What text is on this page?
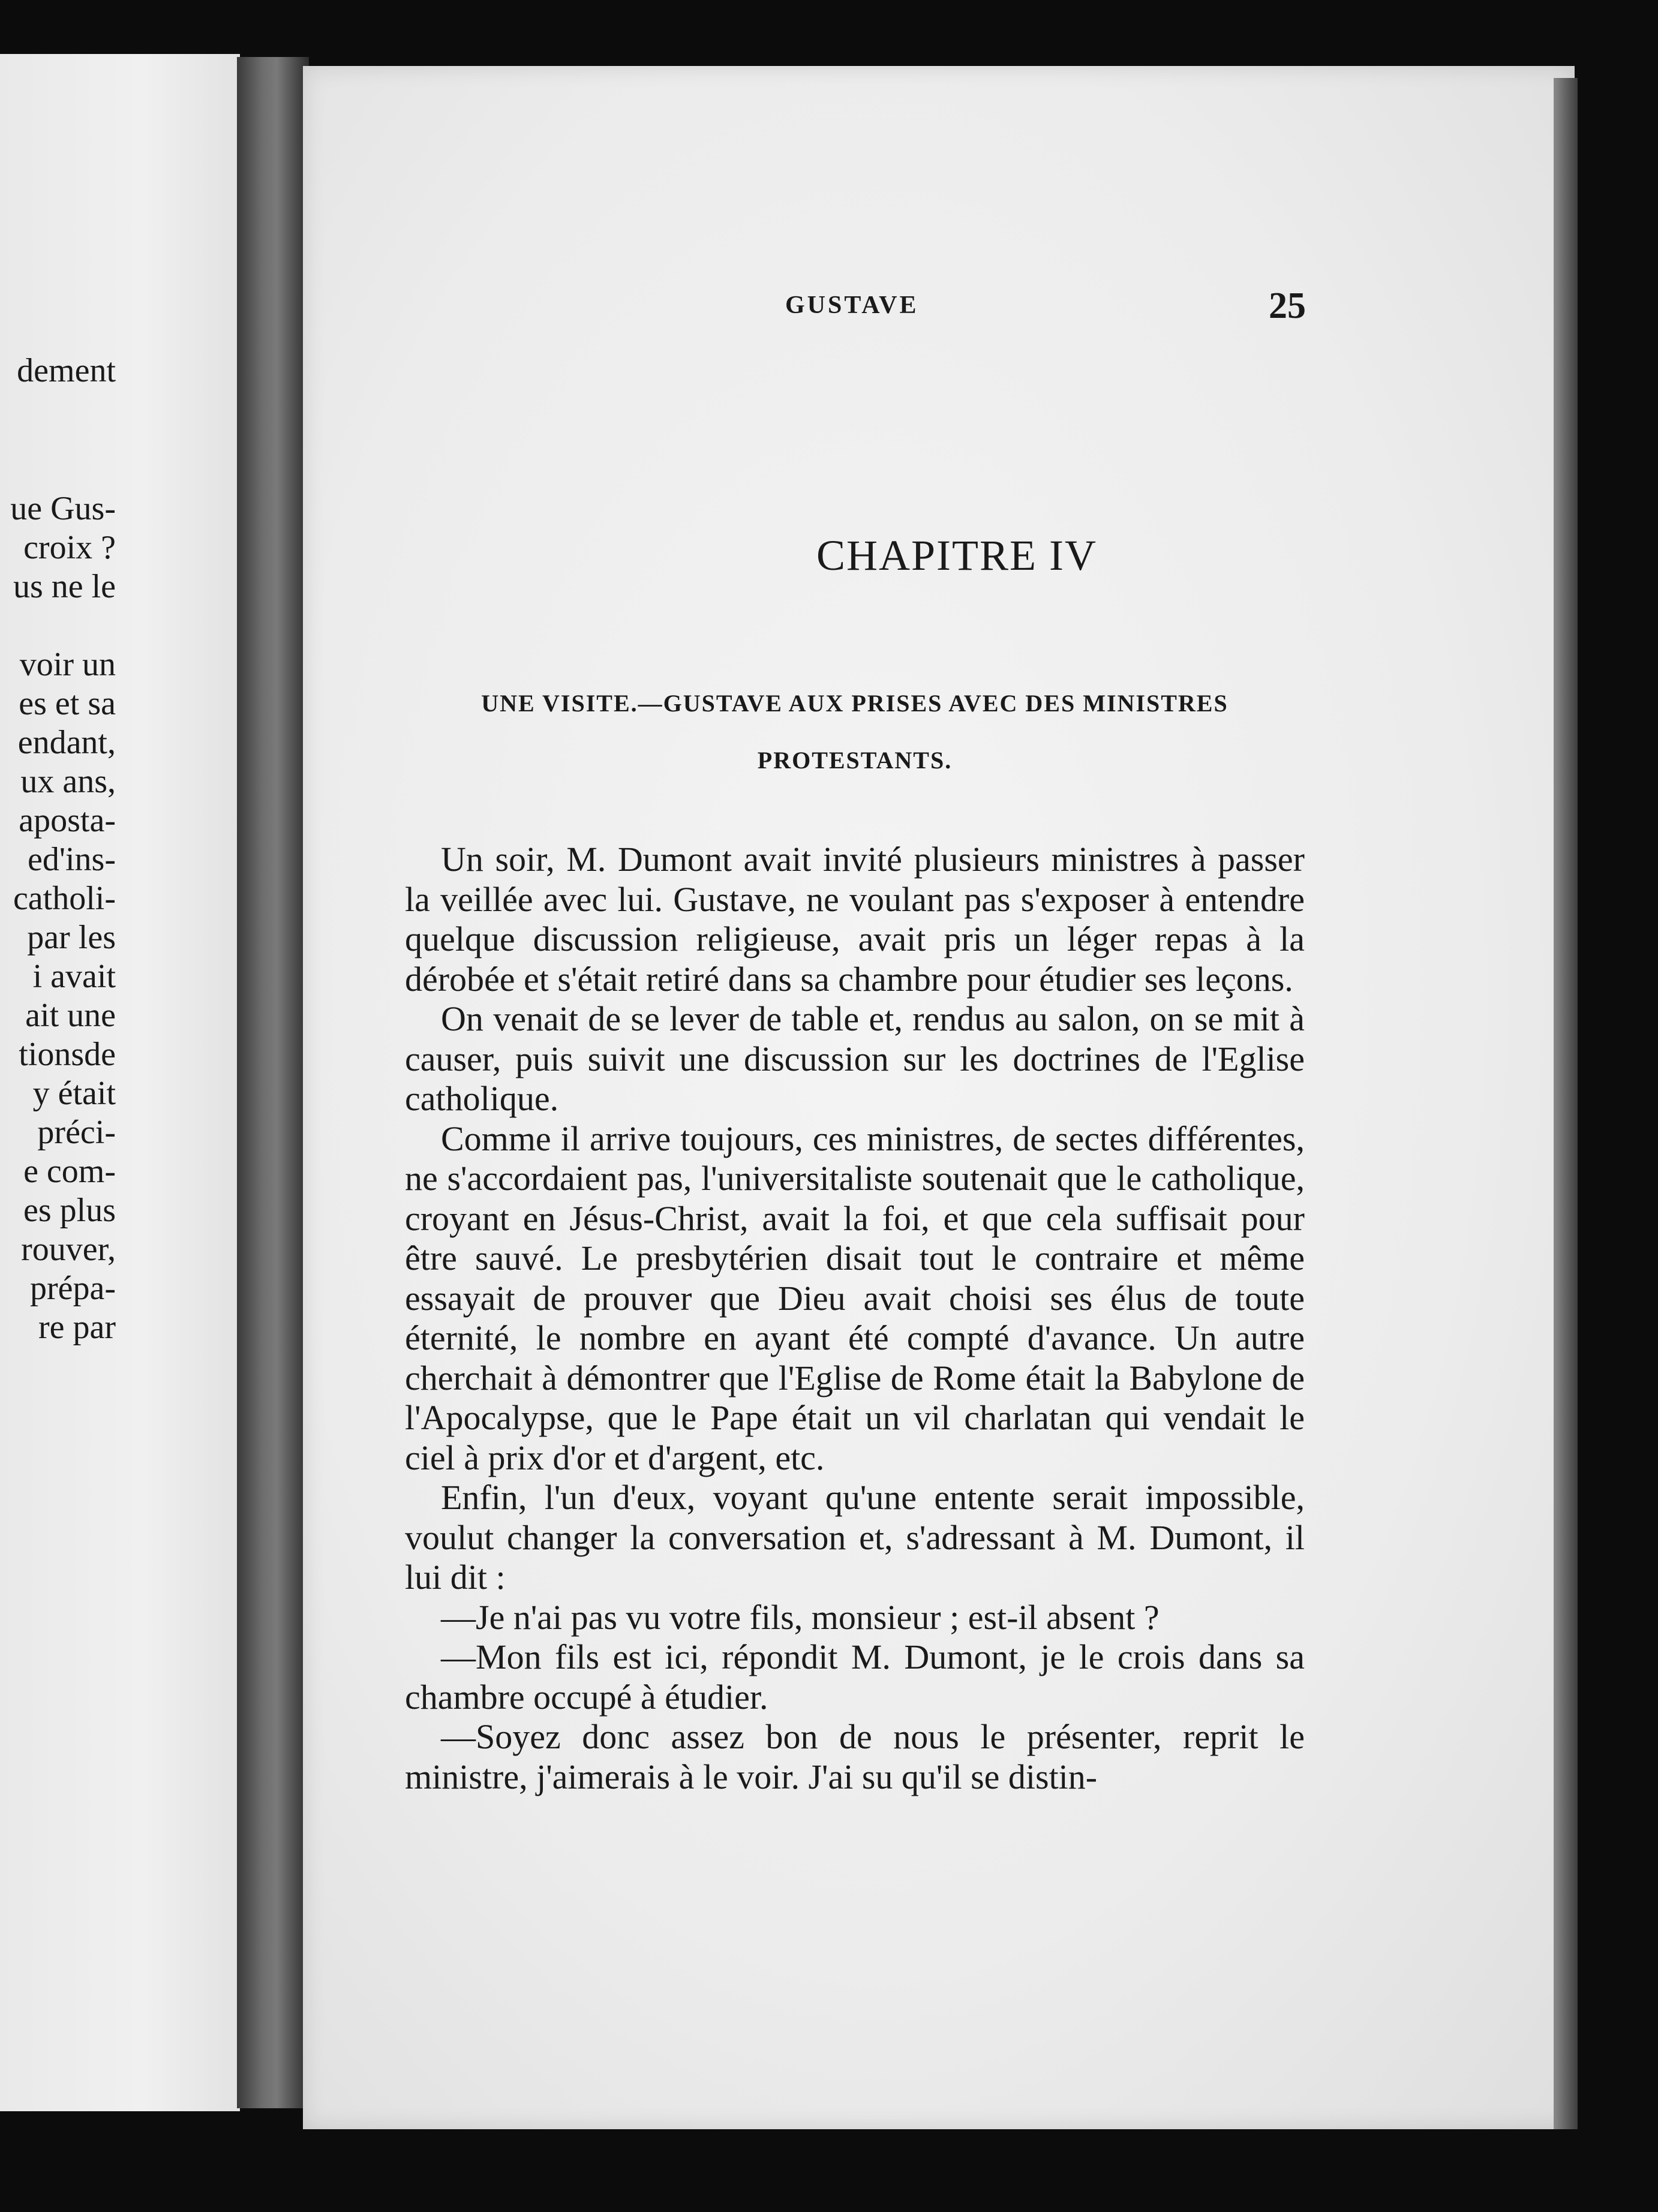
dement
ue Gus-
croix ?
us ne le
voir un
es et sa
endant,
ux ans,
aposta-
ed'ins-
catholi-
par les
i avait
ait une
tionsde
y était
préci-
e com-
es plus
rouver,
prépa-
re par
GUSTAVE	25
CHAPITRE IV
UNE VISITE.—GUSTAVE AUX PRISES AVEC DES MINISTRES PROTESTANTS.

Un soir, M. Dumont avait invité plusieurs ministres à passer la veillée avec lui. Gustave, ne voulant pas s'exposer à entendre quelque discussion religieuse, avait pris un léger repas à la dérobée et s'était retiré dans sa chambre pour étudier ses leçons.

On venait de se lever de table et, rendus au salon, on se mit à causer, puis suivit une discussion sur les doctrines de l'Eglise catholique.

Comme il arrive toujours, ces ministres, de sectes différentes, ne s'accordaient pas, l'universitaliste soutenait que le catholique, croyant en Jésus-Christ, avait la foi, et que cela suffisait pour être sauvé. Le presbytérien disait tout le contraire et même essayait de prouver que Dieu avait choisi ses élus de toute éternité, le nombre en ayant été compté d'avance. Un autre cherchait à démontrer que l'Eglise de Rome était la Babylone de l'Apocalypse, que le Pape était un vil charlatan qui vendait le ciel à prix d'or et d'argent, etc.

Enfin, l'un d'eux, voyant qu'une entente serait impossible, voulut changer la conversation et, s'adressant à M. Dumont, il lui dit :

—Je n'ai pas vu votre fils, monsieur ; est-il absent ?

—Mon fils est ici, répondit M. Dumont, je le crois dans sa chambre occupé à étudier.

—Soyez donc assez bon de nous le présenter, reprit le ministre, j'aimerais à le voir. J'ai su qu'il se distin-
